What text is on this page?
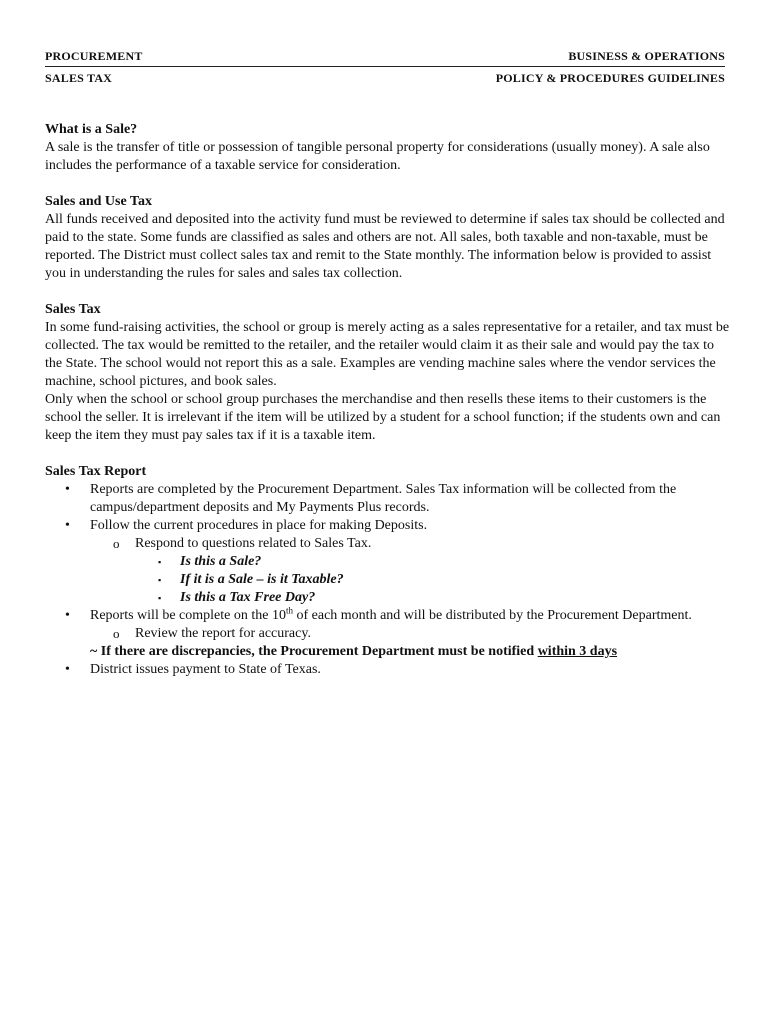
PROCUREMENT	BUSINESS & OPERATIONS
SALES TAX	POLICY & PROCEDURES GUIDELINES

What is a Sale?

A sale is the transfer of title or possession of tangible personal property for considerations (usually money). A sale also includes the performance of a taxable service for consideration.

Sales and Use Tax

All funds received and deposited into the activity fund must be reviewed to determine if sales tax should be collected and paid to the state. Some funds are classified as sales and others are not. All sales, both taxable and non-taxable, must be reported. The District must collect sales tax and remit to the State monthly. The information below is provided to assist you in understanding the rules for sales and sales tax collection.

Sales Tax

In some fund-raising activities, the school or group is merely acting as a sales representative for a retailer, and tax must be collected. The tax would be remitted to the retailer, and the retailer would claim it as their sale and would pay the tax to the State. The school would not report this as a sale. Examples are vending machine sales where the vendor services the machine, school pictures, and book sales.

Only when the school or school group purchases the merchandise and then resells these items to their customers is the school the seller. It is irrelevant if the item will be utilized by a student for a school function; if the students own and can keep the item they must pay sales tax if it is a taxable item.

Sales Tax Report

• Reports are completed by the Procurement Department. Sales Tax information will be collected from the campus/department deposits and My Payments Plus records.
• Follow the current procedures in place for making Deposits.
o Respond to questions related to Sales Tax.
▪ Is this a Sale?
▪ If it is a Sale – is it Taxable?
▪ Is this a Tax Free Day?
• Reports will be complete on the 10th of each month and will be distributed by the Procurement Department.
o Review the report for accuracy.

~ If there are discrepancies, the Procurement Department must be notified within 3 days

• District issues payment to State of Texas.
